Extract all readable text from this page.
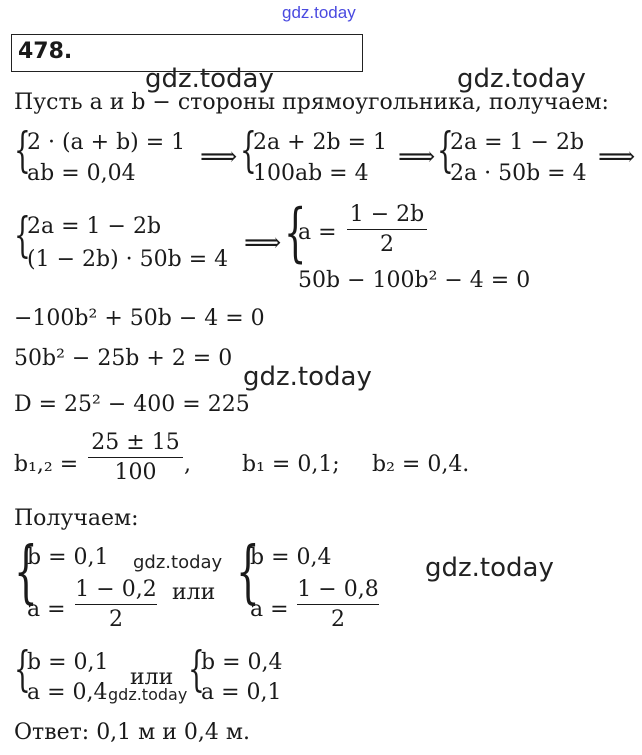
gdz.today
478.
gdz.today	gdz.today
Пусть a и b − стороны прямоугольника, получаем:
{
2 · (a + b) = 1
ab = 0,04
⟹ {
2a + 2b = 1
100ab = 4
⟹ {
2a = 1 − 2b
2a · 50b = 4
⟹
{
2a = 1 − 2b
(1 − 2b) · 50b = 4
⟹ {
a =
1 − 2b
2
50b − 100b² − 4 = 0
−100b² + 50b − 4 = 0
50b² − 25b + 2 = 0
gdz.today
D = 25² − 400 = 225
b₁,₂ =
25 ± 15
100	, b₁ = 0,1; b₂ = 0,4.
Получаем:
{
b = 0,1
a =
1 − 0,2
2
gdz.today
или {
b = 0,4
a =
1 − 0,8
2
gdz.today
{
b = 0,1
a = 0,4
или
gdz.today {
b = 0,4
a = 0,1
Ответ: 0,1 м и 0,4 м.
